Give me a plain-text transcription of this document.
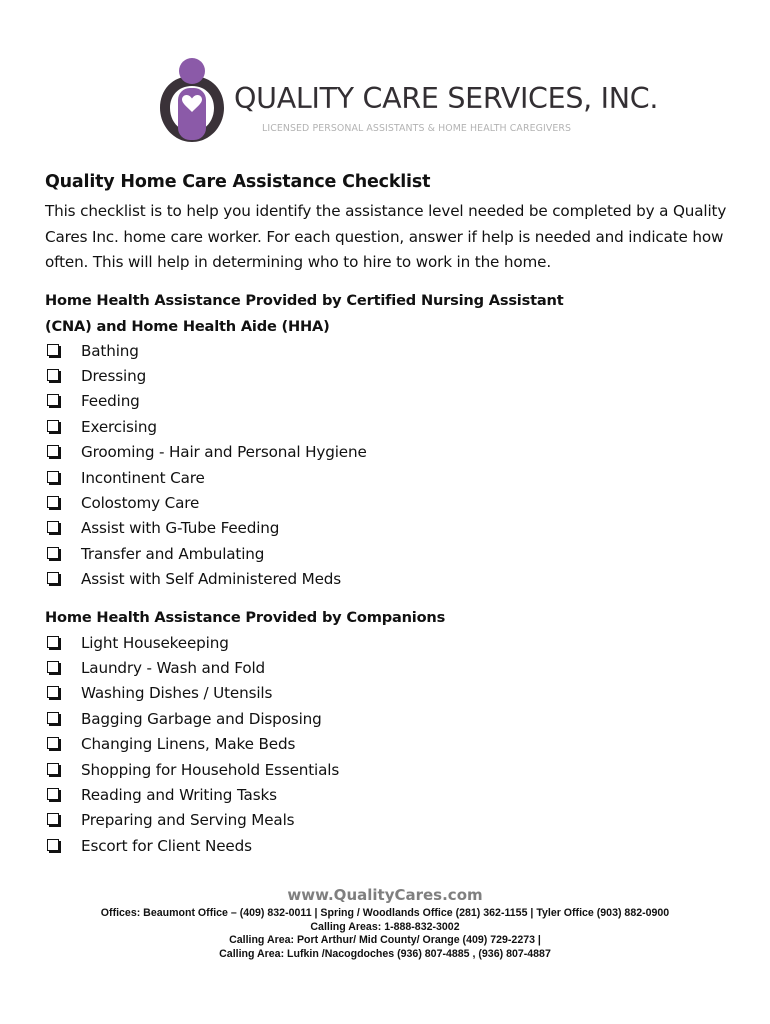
QUALITY CARE SERVICES, INC.
LICENSED PERSONAL ASSISTANTS & HOME HEALTH CAREGIVERS
Quality Home Care Assistance Checklist

This checklist is to help you identify the assistance level needed be completed by a Quality Cares Inc. home care worker. For each question, answer if help is needed and indicate how often. This will help in determining who to hire to work in the home.

Home Health Assistance Provided by Certified Nursing Assistant (CNA) and Home Health Aide (HHA)
Bathing
Dressing
Feeding
Exercising
Grooming - Hair and Personal Hygiene
Incontinent Care
Colostomy Care
Assist with G-Tube Feeding
Transfer and Ambulating
Assist with Self Administered Meds
Home Health Assistance Provided by Companions
Light Housekeeping
Laundry - Wash and Fold
Washing Dishes / Utensils
Bagging Garbage and Disposing
Changing Linens, Make Beds
Shopping for Household Essentials
Reading and Writing Tasks
Preparing and Serving Meals
Escort for Client Needs

www.QualityCares.com

Offices: Beaumont Office – (409) 832-0011 | Spring / Woodlands Office (281) 362-1155 | Tyler Office (903) 882-0900
Calling Areas: 1-888-832-3002
Calling Area: Port Arthur/ Mid County/ Orange (409) 729-2273 |
Calling Area: Lufkin /Nacogdoches (936) 807-4885 , (936) 807-4887
